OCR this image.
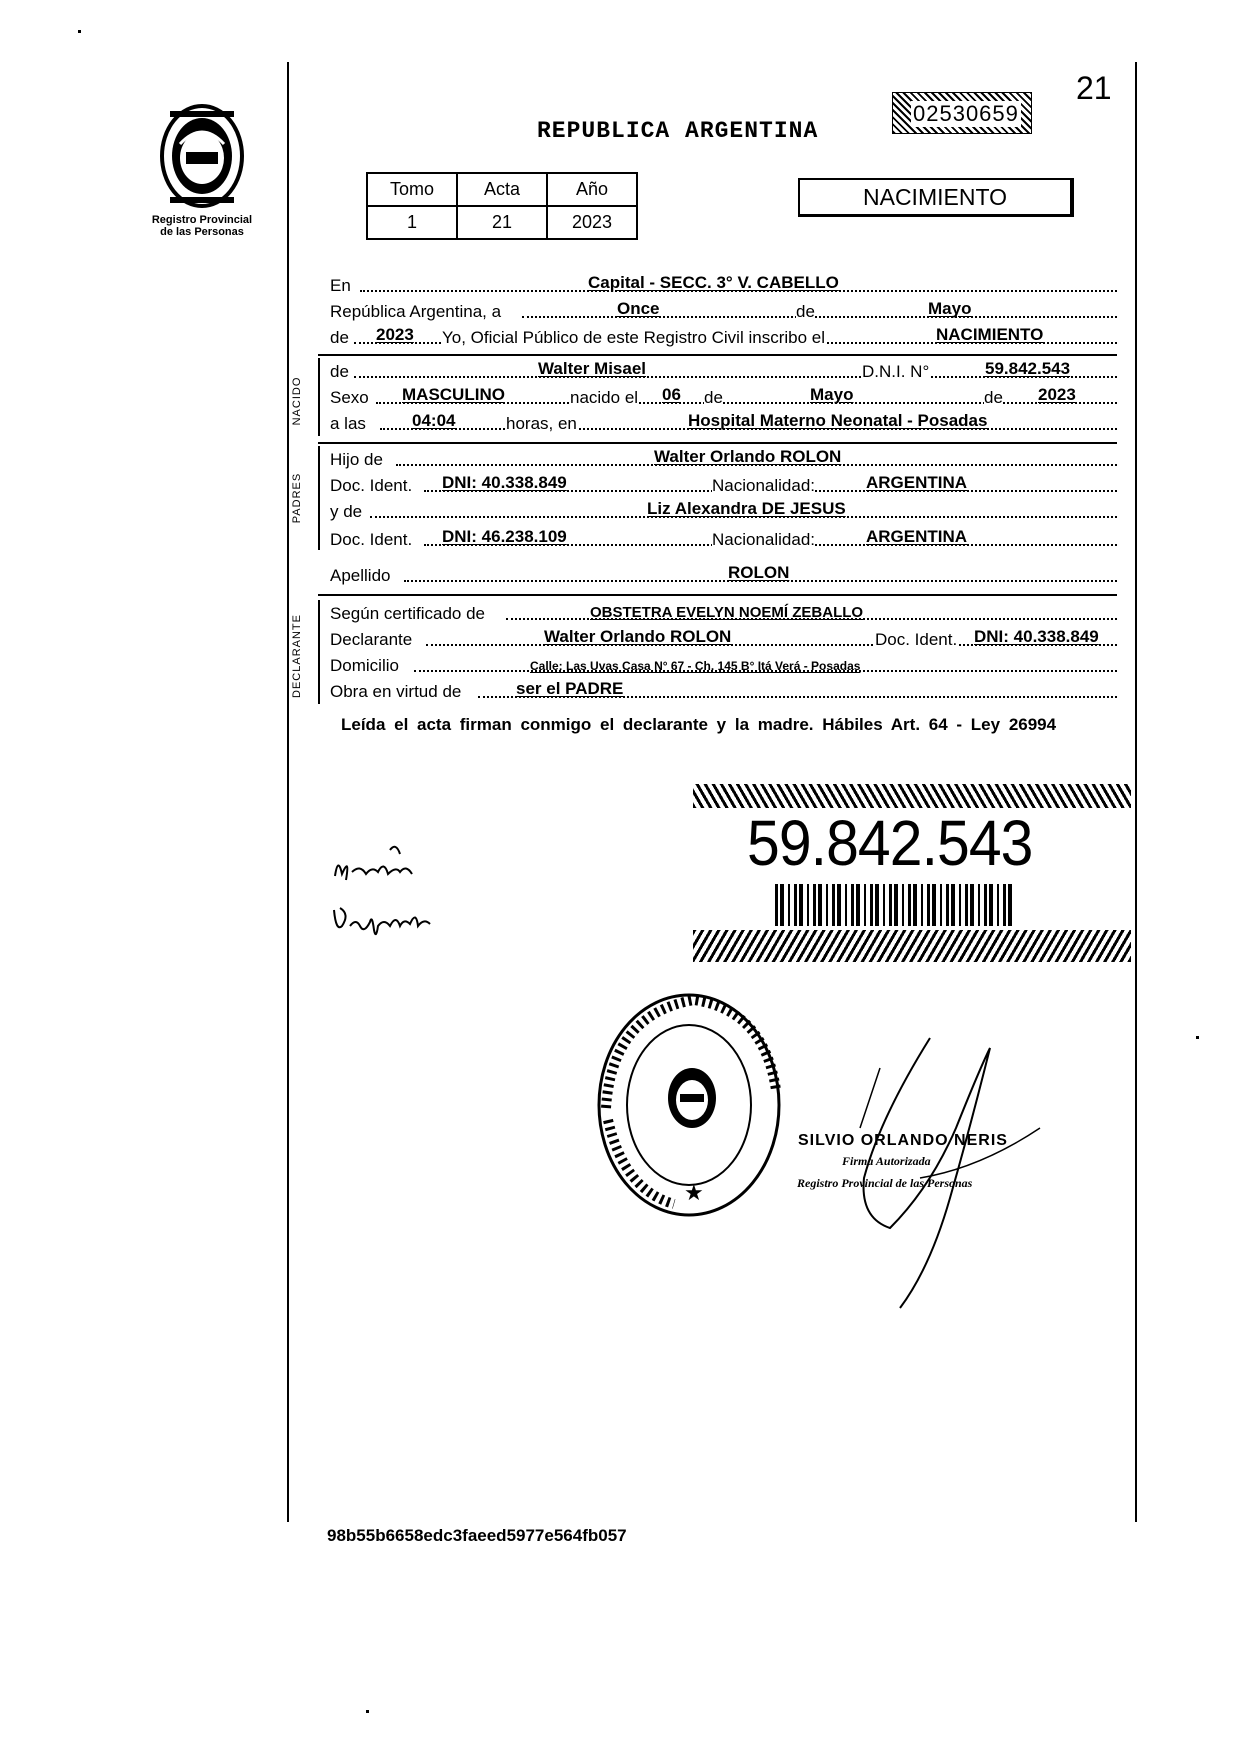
Registro Provincial
de las Personas
21
02530659
REPUBLICA ARGENTINA
Tomo	Acta	Año
1	21	2023
NACIMIENTO
En	Capital - SECC. 3° V. CABELLO
República Argentina, a	Once	de	Mayo
de 2023 Yo, Oficial Público de este Registro Civil inscribo el	NACIMIENTO
NACIDO
de	Walter Misael	D.N.I. N°	59.842.543
Sexo MASCULINO	nacido el 06 de	Mayo	de 2023
a las	04:04	horas, en	Hospital Materno Neonatal - Posadas
PADRES
Hijo de	Walter Orlando ROLON
Doc. Ident. DNI: 40.338.849	Nacionalidad:	ARGENTINA
y de	Liz Alexandra DE JESUS
Doc. Ident. DNI: 46.238.109	Nacionalidad:	ARGENTINA
Apellido	ROLON
DECLARANTE
Según certificado de	OBSTETRA EVELYN NOEMÍ ZEBALLO
Declarante	Walter Orlando ROLON	Doc. Ident. DNI: 40.338.849
Domicilio	Calle: Las Uvas Casa N° 67 - Ch. 145 B° Itá Verá - Posadas
Obra en virtud de	ser el PADRE
Leída el acta firman conmigo el declarante y la madre. Hábiles Art. 64 - Ley 26994
59.842.543
★
SILVIO ORLANDO NERIS
Firma Autorizada
Registro Provincial de las Personas
98b55b6658edc3faeed5977e564fb057
